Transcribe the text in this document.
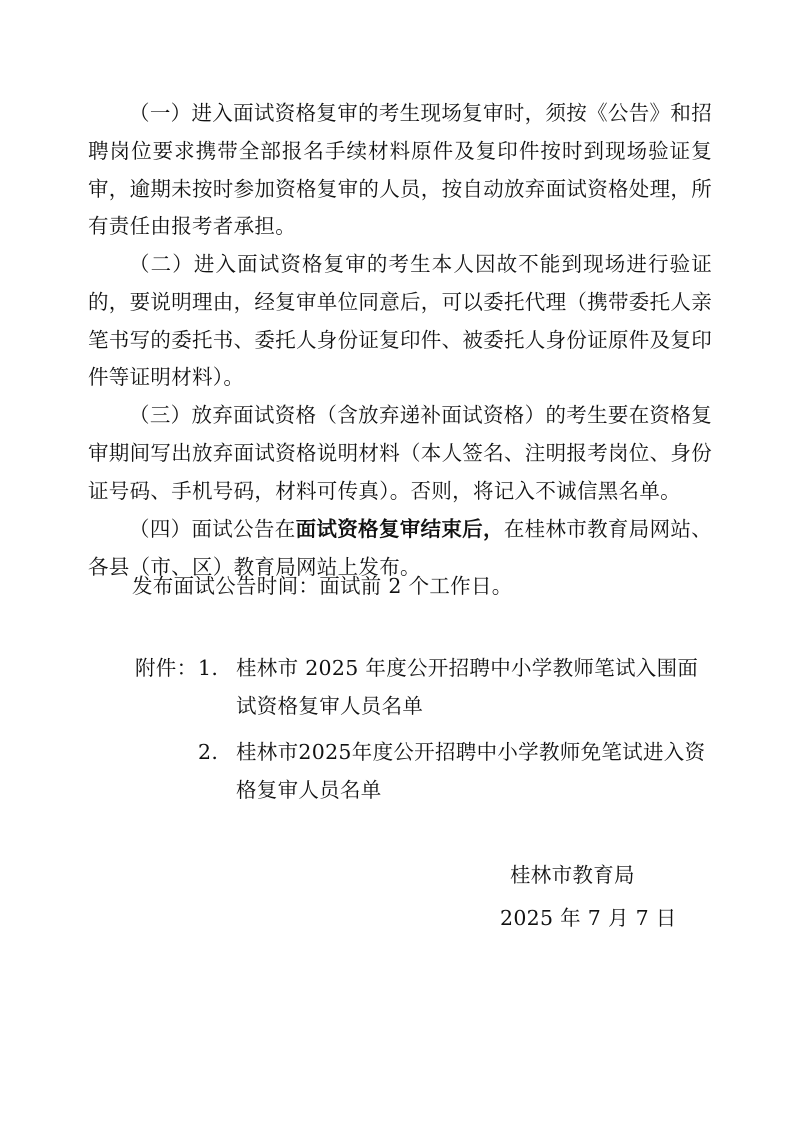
（一）进入面试资格复审的考生现场复审时，须按《公告》和招聘岗位要求携带全部报名手续材料原件及复印件按时到现场验证复审，逾期未按时参加资格复审的人员，按自动放弃面试资格处理，所有责任由报考者承担。

（二）进入面试资格复审的考生本人因故不能到现场进行验证的，要说明理由，经复审单位同意后，可以委托代理（携带委托人亲笔书写的委托书、委托人身份证复印件、被委托人身份证原件及复印件等证明材料）。

（三）放弃面试资格（含放弃递补面试资格）的考生要在资格复审期间写出放弃面试资格说明材料（本人签名、注明报考岗位、身份证号码、手机号码，材料可传真）。否则，将记入不诚信黑名单。

（四）面试公告在面试资格复审结束后，在桂林市教育局网站、各县（市、区）教育局网站上发布。

发布面试公告时间：面试前 2 个工作日。

附件： 1. 桂林市 2025 年度公开招聘中小学教师笔试入围面试资格复审人员名单
2. 桂林市2025年度公开招聘中小学教师免笔试进入资格复审人员名单
桂林市教育局
2025 年 7 月 7 日
